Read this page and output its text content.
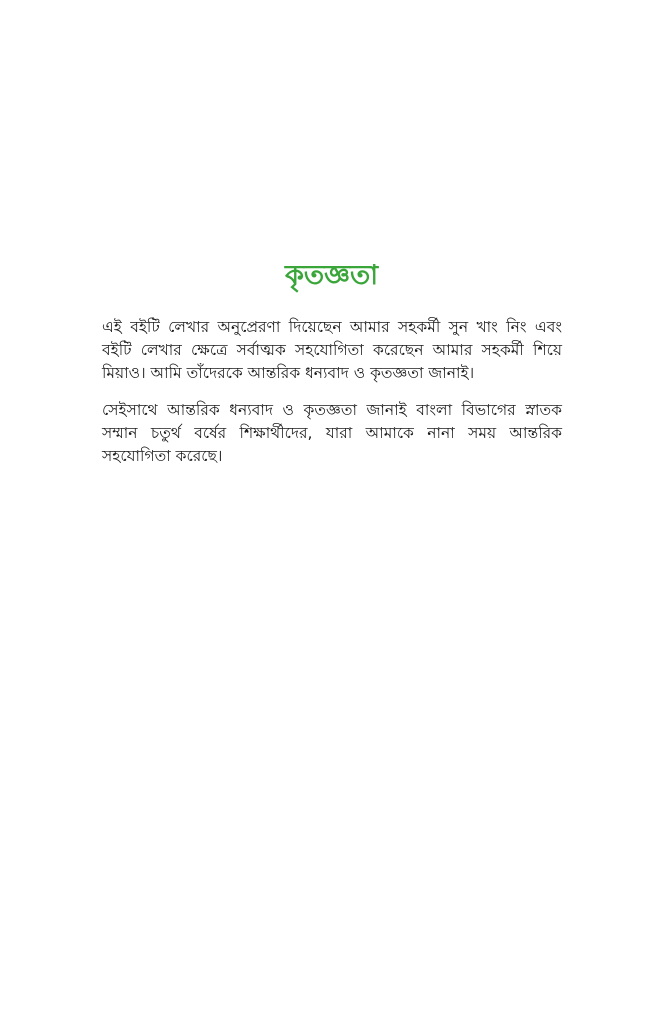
কৃতজ্ঞতা

এই বইটি লেখার অনুপ্রেরণা দিয়েছেন আমার সহকর্মী সুন খাং নিং এবং বইটি লেখার ক্ষেত্রে সর্বাত্মক সহযোগিতা করেছেন আমার সহকর্মী শিয়ে মিয়াও। আমি তাঁদেরকে আন্তরিক ধন্যবাদ ও কৃতজ্ঞতা জানাই।

সেইসাথে আন্তরিক ধন্যবাদ ও কৃতজ্ঞতা জানাই বাংলা বিভাগের স্নাতক সম্মান চতুর্থ বর্ষের শিক্ষার্থীদের, যারা আমাকে নানা সময় আন্তরিক সহযোগিতা করেছে।
